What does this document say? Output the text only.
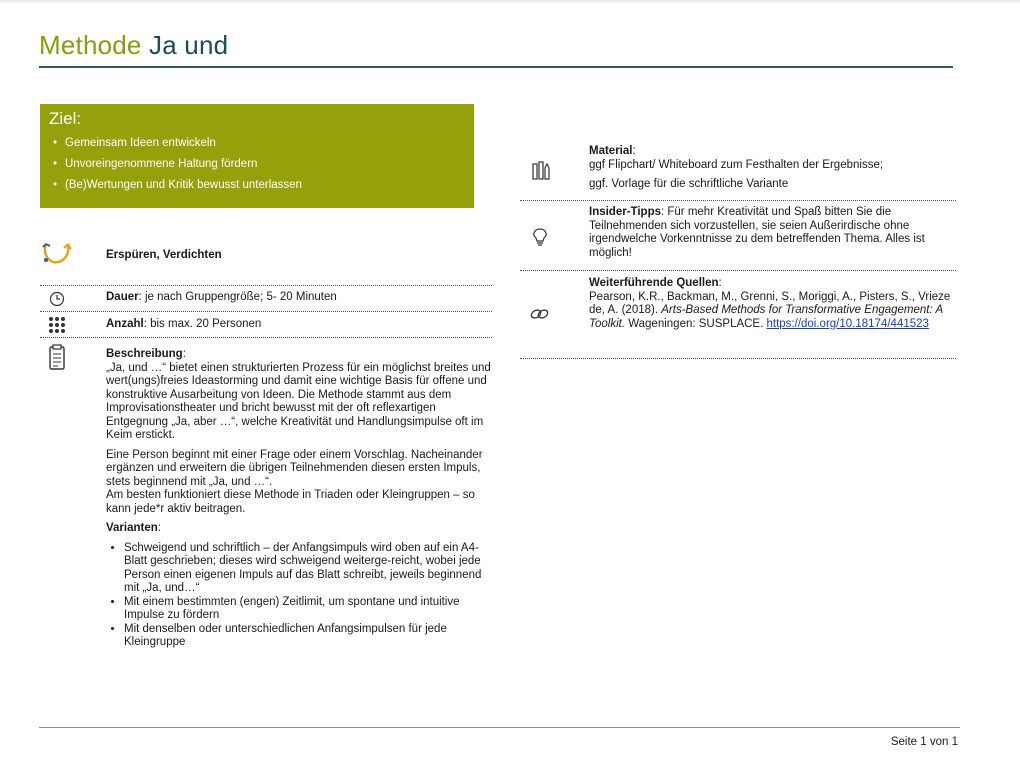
Methode Ja und
Ziel:
• Gemeinsam Ideen entwickeln
• Unvoreingenommene Haltung fördern
• (Be)Wertungen und Kritik bewusst unterlassen
Erspüren, Verdichten
Dauer: je nach Gruppengröße; 5- 20 Minuten
Anzahl: bis max. 20 Personen

Beschreibung:

„Ja, und …“ bietet einen strukturierten Prozess für ein möglichst breites und wert(ungs)freies Ideastorming und damit eine wichtige Basis für offene und konstruktive Ausarbeitung von Ideen. Die Methode stammt aus dem Improvisationstheater und bricht bewusst mit der oft reflexartigen Entgegnung „Ja, aber …“, welche Kreativität und Handlungsimpulse oft im Keim erstickt.

Eine Person beginnt mit einer Frage oder einem Vorschlag. Nacheinander ergänzen und erweitern die übrigen Teilnehmenden diesen ersten Impuls, stets beginnend mit „Ja, und …“.

Am besten funktioniert diese Methode in Triaden oder Kleingruppen – so kann jede*r aktiv beitragen.

Varianten:

• Schweigend und schriftlich – der Anfangsimpuls wird oben auf ein A4-Blatt geschrieben; dieses wird schweigend weiterge-reicht, wobei jede Person einen eigenen Impuls auf das Blatt schreibt, jeweils beginnend mit „Ja, und…“
• Mit einem bestimmten (engen) Zeitlimit, um spontane und intuitive Impulse zu fördern
• Mit denselben oder unterschiedlichen Anfangsimpulsen für jede Kleingruppe
Material:
ggf Flipchart/ Whiteboard zum Festhalten der Ergebnisse;
ggf. Vorlage für die schriftliche Variante
Insider-Tipps: Für mehr Kreativität und Spaß bitten Sie die Teilnehmenden sich vorzustellen, sie seien Außerirdische ohne irgendwelche Vorkenntnisse zu dem betreffenden Thema. Alles ist möglich!
Weiterführende Quellen:
Pearson, K.R., Backman, M., Grenni, S., Moriggi, A., Pisters, S., Vrieze de, A. (2018). Arts-Based Methods for Transformative Engagement: A Toolkit. Wageningen: SUSPLACE. https://doi.org/10.18174/441523
Seite 1 von 1
